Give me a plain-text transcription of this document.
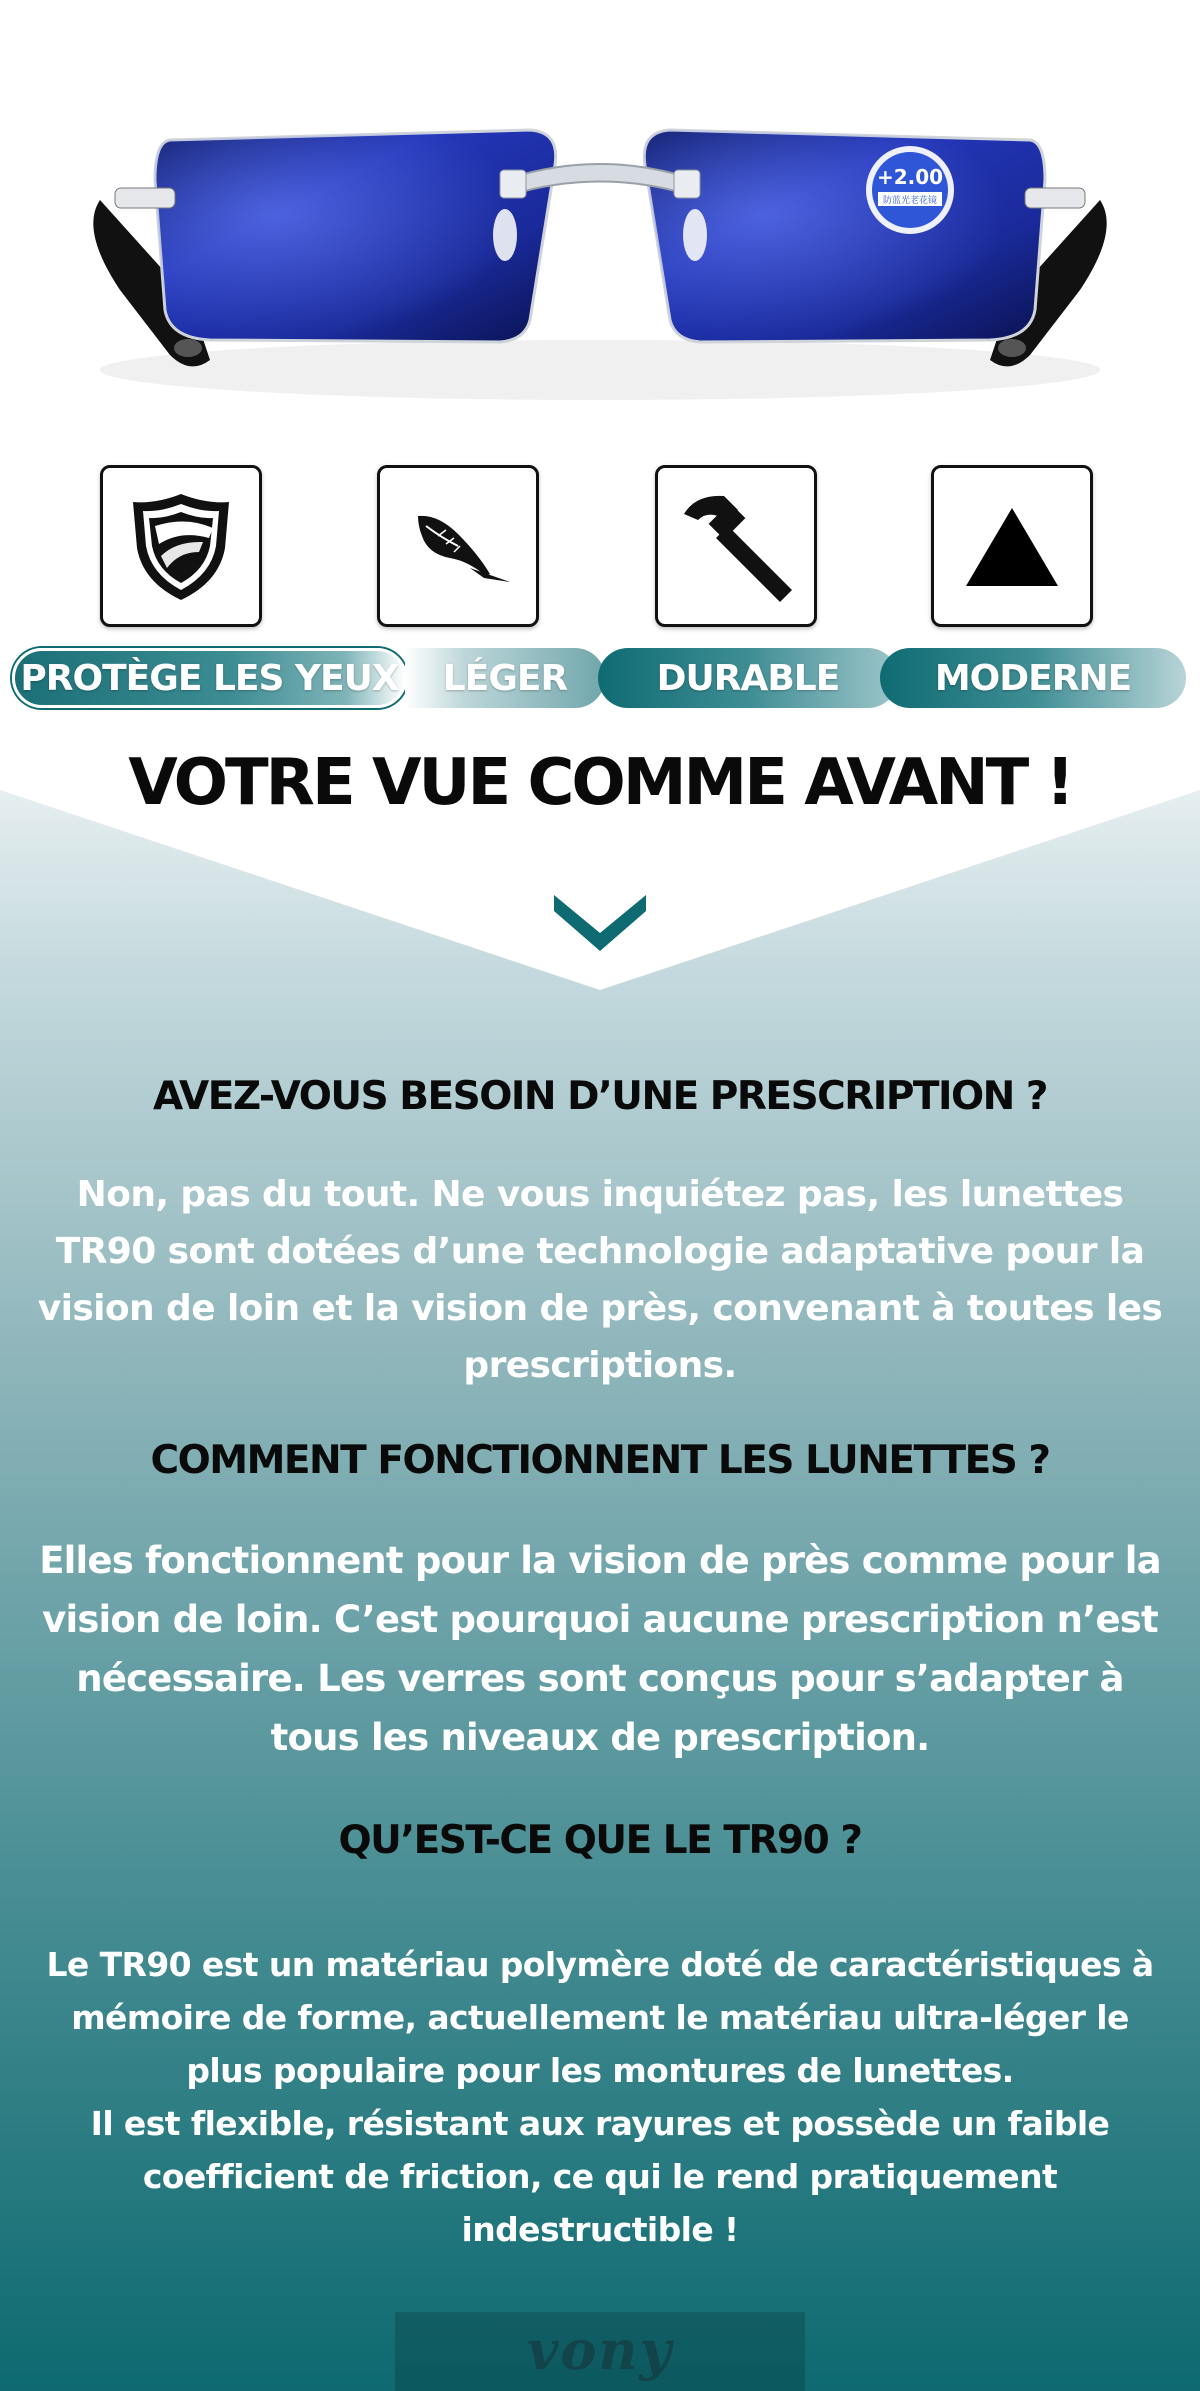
+2.00
防蓝光老花镜
PROTÈGE LES YEUX LÉGER DURABLE	MODERNE
VOTRE VUE COMME AVANT !
AVEZ-VOUS BESOIN D’UNE PRESCRIPTION ?

Non, pas du tout. Ne vous inquiétez pas, les lunettes TR90 sont dotées d’une technologie adaptative pour la vision de loin et la vision de près, convenant à toutes les prescriptions.

COMMENT FONCTIONNENT LES LUNETTES ?

Elles fonctionnent pour la vision de près comme pour la vision de loin. C’est pourquoi aucune prescription n’est nécessaire. Les verres sont conçus pour s’adapter à tous les niveaux de prescription.

QU’EST-CE QUE LE TR90 ?

Le TR90 est un matériau polymère doté de caractéristiques à mémoire de forme, actuellement le matériau ultra-léger le plus populaire pour les montures de lunettes.
Il est flexible, résistant aux rayures et possède un faible coefficient de friction, ce qui le rend pratiquement indestructible !

vony
